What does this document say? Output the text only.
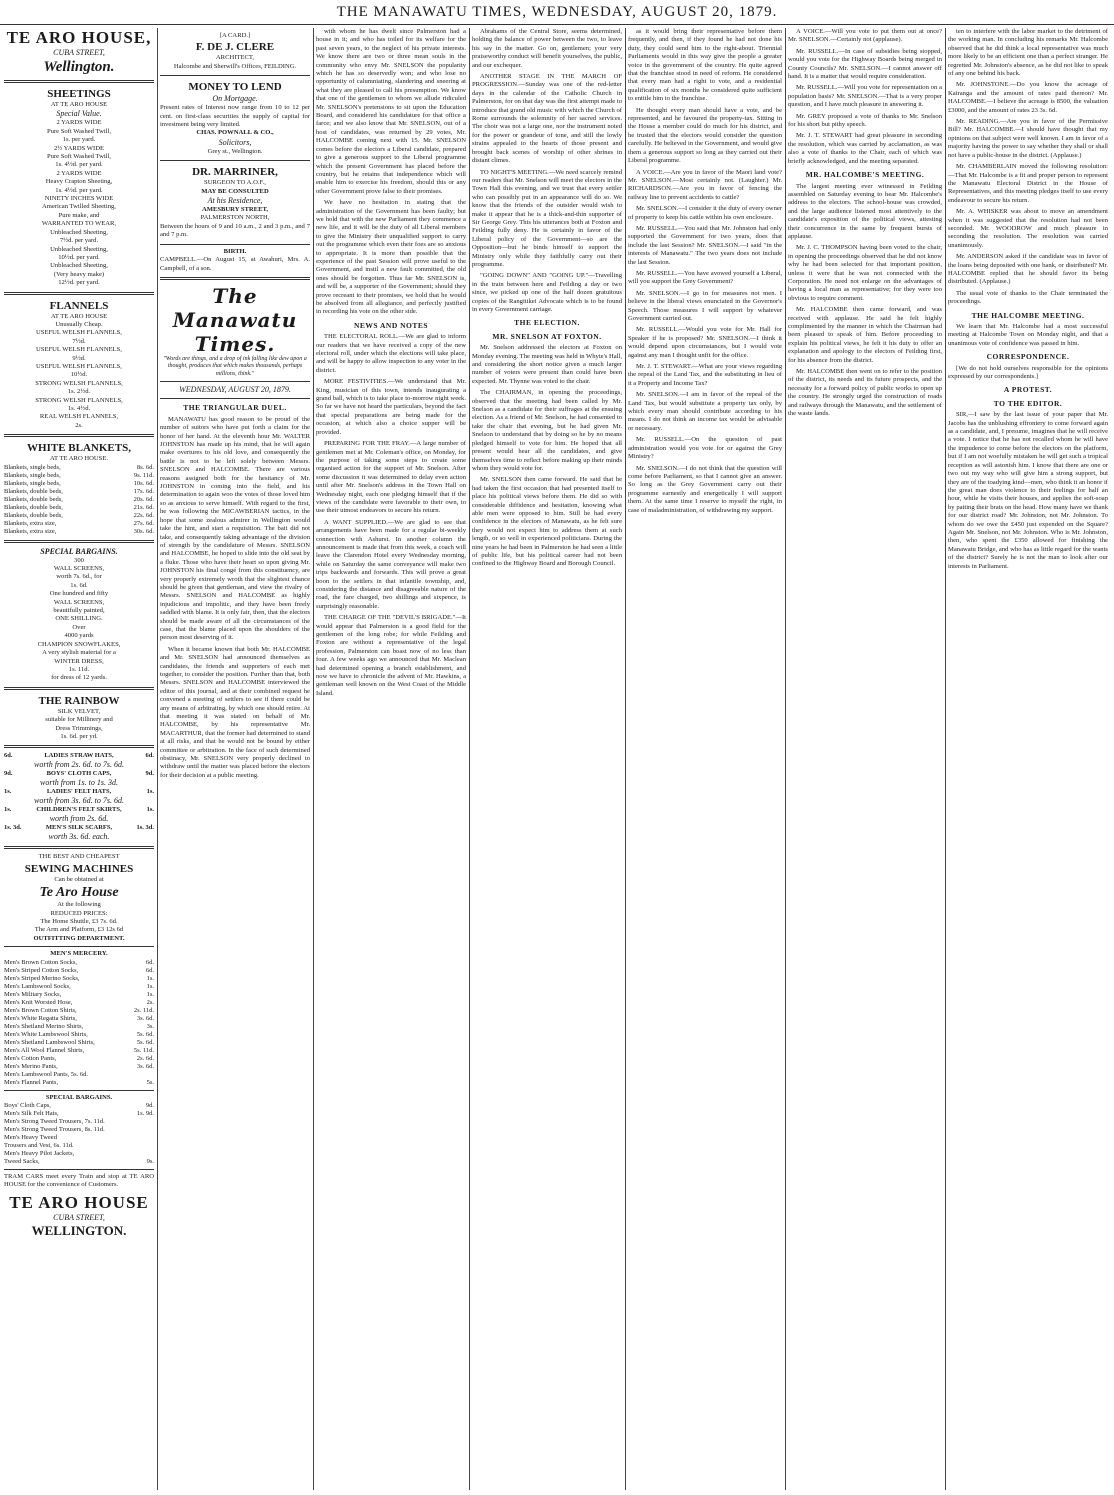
THE MANAWATU TIMES, WEDNESDAY, AUGUST 20, 1879.
TE ARO HOUSE,
CUBA STREET,
Wellington.
SHEETINGS
AT TE ARO HOUSE
Special Value.
2 YARDS WIDE
Pure Soft Washed Twill,
1s. per yard.
2½ YARDS WIDE
Pure Soft Washed Twill,
1s. 4½d. per yard.
2 YARDS WIDE
Heavy Crapton Sheeting,
1s. 4½d. per yard.
NINETY INCHES WIDE
American Twilled Sheeting,
Pure make, and
WARRANTED TO WEAR,
Unbleached Sheeting,
7½d. per yard.
Unbleached Sheeting,
10½d. per yard.
Unbleached Sheeting,
(Very heavy make)
12½d. per yard.
FLANNELS
AT TE ARO HOUSE
Unusually Cheap.
USEFUL WELSH FLANNELS,
7½d.
USEFUL WELSH FLANNELS,
9½d.
USEFUL WELSH FLANNELS,
10½d.
STRONG WELSH FLANNELS,
1s. 2½d.
STRONG WELSH FLANNELS,
1s. 4½d.
REAL WELSH FLANNELS,
2s.
WHITE BLANKETS,
AT TE ARO HOUSE.
Blankets, single beds,	8s. 6d.
Blankets, single beds,	9s. 11d.
Blankets, single beds,	10s. 6d.
Blankets, double beds,	17s. 6d.
Blankets, double beds,	20s. 6d.
Blankets, double beds,	21s. 6d.
Blankets, double beds,	22s. 6d.
Blankets, extra size,	27s. 6d.
Blankets, extra size,	30s. 6d.
SPECIAL BARGAINS.
300
WALL SCREENS,
worth 7s. 6d., for
1s. 6d.
One hundred and fifty
WALL SCREENS,
beautifully painted,
ONE SHILLING.
Over
4000 yards
CHAMPION SNOWFLAKES,
A very stylish material for a
WINTER DRESS,
1s. 11d.
for dress of 12 yards.
THE RAINBOW
SILK VELVET,
suitable for Millinery and
Dress Trimmings,
1s. 6d. per yd.
6d.	LADIES STRAW HATS,	6d.
worth from 2s. 6d. to 7s. 6d.
9d.	BOYS' CLOTH CAPS,	9d.
worth from 1s. to 1s. 3d.
1s.	LADIES' FELT HATS,	1s.
worth from 3s. 6d. to 7s. 6d.
1s.	CHILDREN'S FELT SKIRTS,	1s.
worth from 2s. 6d.
1s. 3d.	MEN'S SILK SCARFS,	1s. 3d.
worth 3s. 6d. each.
THE BEST AND CHEAPEST
SEWING MACHINES
Can be obtained at
Te Aro House
At the following
REDUCED PRICES:
The Home Shuttle, £3 7s. 6d.
The Arm and Platform, £3 12s 6d
OUTFITTING DEPARTMENT.
MEN'S MERCERY.
Men's Brown Cotton Socks,	6d.
Men's Striped Cotton Socks,	6d.
Men's Striped Merino Socks,	1s.
Men's Lambswool Socks,	1s.
Men's Military Socks,	1s.
Men's Knit Worsted Hose,	2s.
Men's Brown Cotton Shirts,	2s. 11d.
Men's White Regatta Shirts,	3s. 6d.
Men's Shetland Merino Shirts,	3s.
Men's White Lambswool Shirts,	5s. 6d.
Men's Shetland Lambswool Shirts,	5s. 6d.
Men's All Wool Flannel Shirts,	5s. 11d.
Men's Cotton Pants,	2s. 6d.
Men's Merino Pants,	3s. 6d.
Men's Lambswool Pants, 5s. 6d.
Men's Flannel Pants,	5s.
SPECIAL BARGAINS.
Boys' Cloth Caps,	9d.
Men's Silk Felt Hats,	1s. 9d.
Men's Strong Tweed Trousers, 7s. 11d.
Men's Strong Tweed Trousers, 8s. 11d.
Men's Heavy Tweed
Trousers and Vest, 6s. 11d.
Men's Heavy Pilot Jackets,
Tweed Sacks,	9s.
TRAM CARS meet every Train and stop at TE ARO HOUSE for the convenience of Customers.
TE ARO HOUSE
CUBA STREET,
WELLINGTON.
[A CARD.]
F. DE J. CLERE
ARCHITECT,
Halcombe and Sherwill's Offices, FEILDING.
MONEY TO LEND
On Mortgage.
Present rates of Interest now range from 10 to 12 per cent. on first-class securities the supply of capital for investment being very limited.
CHAS. POWNALL & CO.,
Solicitors,
Grey st., Wellington.
DR. MARRINER,
SURGEON TO A.O.F.,
MAY BE CONSULTED
At his Residence,
AMESBURY STREET,
PALMERSTON NORTH,
Between the hours of 9 and 10 a.m., 2 and 3 p.m., and 7 and 7 p.m.
BIRTH.
CAMPBELL.—On August 15, at Awahuri, Mrs. A. Campbell, of a son.
The Manawatu Times.
"Words are things, and a drop of ink falling like dew upon a thought, produces that which makes thousands, perhaps millions, think."
WEDNESDAY, AUGUST 20, 1879.
THE TRIANGULAR DUEL.

MANAWATU has good reason to be proud of the number of suitors who have put forth a claim for the honor of her hand. At the eleventh hour Mr. WALTER JOHNSTON has made up his mind, that he will again make overtures to his old love, and consequently the battle is not to be left solely between Messrs. SNELSON and HALCOMBE. There are various reasons assigned both for the hesitancy of Mr. JOHNSTON in coming into the field, and his determination to again woo the votes of those loved him so as anxious to serve himself. With regard to the first, he was following the MICAWBERIAN tactics, in the hope that some zealous admirer in Wellington would take the hint, and start a requisition. The bait did not take, and consequently taking advantage of the division of strength by the candidature of Messrs. SNELSON and HALCOMBE, he hoped to slide into the old seat by a fluke. Those who have their heart so upon giving Mr. JOHNSTON his final congé from this constituency, are very properly extremely wroth that the slightest chance should be given that gentleman, and view the rivalry of Messrs. SNELSON and HALCOMBE as highly injudicious and impolitic, and they have been freely saddled with blame. It is only fair, then, that the electors should be made aware of all the circumstances of the case, that the blame placed upon the shoulders of the person most deserving of it.

When it became known that both Mr. HALCOMBE and Mr. SNELSON had announced themselves as candidates, the friends and supporters of each met together, to consider the position. Further than that, both Messrs. SNELSON and HALCOMBE interviewed the editor of this journal, and at their combined request he convened a meeting of settlers to see if there could be any means of arbitrating, by which one should retire. At that meeting it was stated on behalf of Mr. HALCOMBE, by his representative Mr. MACARTHUR, that the former had determined to stand at all risks, and that he would not be bound by either committee or arbitration. In the face of such determined obstinacy, Mr. SNELSON very properly declined to withdraw until the matter was placed before the electors for their decision at a public meeting.

with whom he has dwelt since Palmerston had a house in it; and who has toiled for its welfare for the past seven years, to the neglect of his private interests. We know there are two or three mean souls in the community who envy Mr. SNELSON the popularity which he has so deservedly won; and who lose no opportunity of calumniating, slandering and sneering at what they are pleased to call his presumption. We know that one of the gentlemen to whom we allude ridiculed Mr. SNELSON's pretensions to sit upon the Education Board, and considered his candidature for that office a farce; and we also know that Mr. SNELSON, out of a host of candidates, was returned by 29 votes, Mr. HALCOMBE coming next with 15. Mr. SNELSON comes before the electors a Liberal candidate, prepared to give a generous support to the Liberal programme which the present Government has placed before the country, but he retains that independence which will enable him to exercise his freedom, should this or any other Government prove false to their promises.

We have no hesitation in stating that the administration of the Government has been faulty; but we hold that with the new Parliament they commence a new life, and it will be the duty of all Liberal members to give the Ministry their unqualified support to carry out the programme which even their foes are so anxious to appropriate. It is more than possible that the experience of the past Session will prove useful to the Government, and instil a new fault committed, the old ones should be forgotten. Thus far Mr. SNELSON is, and will be, a supporter of the Government; should they prove recreant to their promises, we hold that he would be absolved from all allegiance, and perfectly justified in recording his vote on the other side.

NEWS AND NOTES

THE ELECTORAL ROLL.—We are glad to inform our readers that we have received a copy of the new electoral roll, under which the elections will take place, and will be happy to allow inspection to any voter in the district.

MORE FESTIVITIES.—We understand that Mr. King, musician of this town, intends inaugurating a grand ball, which is to take place to-morrow night week. So far we have not heard the particulars, beyond the fact that special preparations are being made for the occasion, at which also a choice supper will be provided.

PREPARING FOR THE FRAY.—A large number of gentlemen met at Mr. Coleman's office, on Monday, for the purpose of taking some steps to create some organised action for the support of Mr. Snelson. After some discussion it was determined to delay even action until after Mr. Snelson's address in the Town Hall on Wednesday night, each one pledging himself that if the views of the candidate were favorable to their own, to use their utmost endeavors to secure his return.

A WANT SUPPLIED.—We are glad to see that arrangements have been made for a regular bi-weekly connection with Ashurst. In another column the announcement is made that from this week, a coach will leave the Clarendon Hotel every Wednesday morning, while on Saturday the same conveyance will make two trips backwards and forwards. This will prove a great boon to the settlers in that infantile township, and, considering the distance and disagreeable nature of the road, the fare charged, two shillings and sixpence, is surprisingly reasonable.

THE CHARGE OF THE "DEVIL'S BRIGADE."—It would appear that Palmerston is a good field for the gentlemen of the long robe; for while Feilding and Foxton are without a representative of the legal profession, Palmerston can boast now of no less than four. A few weeks ago we announced that Mr. Maclean had determined opening a branch establishment, and now we have to chronicle the advent of Mr. Hawkins, a gentleman well known on the West Coast of the Middle Island.

Abrahams of the Central Store, seems determined, holding the balance of power between the two, to leave his say in the matter. Go on, gentlemen; your very praiseworthy conduct will benefit yourselves, the public, and our exchequer.

ANOTHER STAGE IN THE MARCH OF PROGRESSION.—Sunday was one of the red-letter days in the calendar of the Catholic Church in Palmerston, for on that day was the first attempt made to introduce that grand old music with which the Church of Rome surrounds the solemnity of her sacred services. The choir was not a large one, nor the instrument noted for the power or grandeur of tone, and still the lowly strains appealed to the hearts of those present and brought back scenes of worship of other shrines in distant climes.

TO NIGHT'S MEETING.—We need scarcely remind our readers that Mr. Snelson will meet the electors in the Town Hall this evening, and we trust that every settler who can possibly put in an appearance will do so. We know that the friends of the outsider would wish to make it appear that he is a thick-and-thin supporter of Sir George Grey. This his utterances both at Foxton and Feilding fully deny. He is certainly in favor of the Liberal policy of the Government—so are the Opposition—but he binds himself to support the Ministry only while they faithfully carry out their programme.

"GOING DOWN" AND "GOING UP."—Travelling in the train between here and Feilding a day or two since, we picked up one of the half dozen gratuitous copies of the Rangitikei Advocate which is to be found in every Government carriage.

THE ELECTION.
MR. SNELSON AT FOXTON.

Mr. Snelson addressed the electors at Foxton on Monday evening. The meeting was held in Whyte's Hall, and considering the short notice given a much larger number of voters were present than could have been expected. Mr. Thynne was voted to the chair.

The CHAIRMAN, in opening the proceedings, observed that the meeting had been called by Mr. Snelson as a candidate for their suffrages at the ensuing election. As a friend of Mr. Snelson, he had consented to take the chair that evening, but he had given Mr. Snelson to understand that by doing so he by no means pledged himself to vote for him. He hoped that all present would hear all the candidates, and give themselves time to reflect before making up their minds whom they would vote for.

Mr. SNELSON then came forward. He said that he had taken the first occasion that had presented itself to place his political views before them. He did so with considerable diffidence and hesitation, knowing what able men were opposed to him. Still he had every confidence in the electors of Manawatu, as he felt sure they would not expect him to address them at such length, or so well in experienced politicians. During the nine years he had been in Palmerston he had seen a little of public life, but his political career had not been confined to the Highway Board and Borough Council.

as it would bring their representative before them frequently, and then, if they found he had not done his duty, they could send him to the right-about. Triennial Parliaments would in this way give the people a greater voice in the government of the country. He quite agreed that the franchise stood in need of reform. He considered that every man had a right to vote, and a residential qualification of six months he considered quite sufficient to entitle him to the franchise.

He thought every man should have a vote, and be represented, and he favoured the property-tax. Sitting in the House a member could do much for his district, and he trusted that the electors would consider the question carefully. He believed in the Government, and would give them a generous support so long as they carried out their Liberal programme.

A VOICE.—Are you in favor of the Maori land vote? Mr. SNELSON.—Most certainly not. (Laughter.) Mr. RICHARDSON.—Are you in favor of fencing the railway line to prevent accidents to cattle?

Mr. SNELSON.—I consider it the duty of every owner of property to keep his cattle within his own enclosure.

Mr. RUSSELL.—You said that Mr. Johnston had only supported the Government for two years, does that include the last Session? Mr. SNELSON.—I said "in the interests of Manawatu." The two years does not include the last Session.

Mr. RUSSELL.—You have avowed yourself a Liberal, will you support the Grey Government?

Mr. SNELSON.—I go in for measures not men. I believe in the liberal views enunciated in the Governor's Speech. Those measures I will support by whatever Government carried out.

Mr. RUSSELL.—Would you vote for Mr. Hall for Speaker if he is proposed? Mr. SNELSON.—I think it would depend upon circumstances, but I would vote against any man I thought unfit for the office.

Mr. J. T. STEWART.—What are your views regarding the repeal of the Land Tax, and the substituting in lieu of it a Property and Income Tax?

Mr. SNELSON.—I am in favor of the repeal of the Land Tax, but would substitute a property tax only, by which every man should contribute according to his means. I do not think an income tax would be advisable or necessary.

Mr. RUSSELL.—On the question of past administration would you vote for or against the Grey Ministry?

Mr. SNELSON.—I do not think that the question will come before Parliament, so that I cannot give an answer. So long as the Grey Government carry out their programme earnestly and energetically I will support them. At the same time I reserve to myself the right, in case of maladministration, of withdrawing my support.

A VOICE.—Will you vote to put them out at once? Mr. SNELSON.—Certainly not (applause).

Mr. RUSSELL.—In case of subsidies being stopped, would you vote for the Highway Boards being merged in County Councils? Mr. SNELSON.—I cannot answer off hand. It is a matter that would require consideration.

Mr. RUSSELL.—Will you vote for representation on a population basis? Mr. SNELSON.—That is a very proper question, and I have much pleasure in answering it.

Mr. GREY proposed a vote of thanks to Mr. Snelson for his short but pithy speech.

Mr. J. T. STEWART had great pleasure in seconding the resolution, which was carried by acclamation, as was also a vote of thanks to the Chair, each of which was briefly acknowledged, and the meeting separated.

MR. HALCOMBE'S MEETING.

The largest meeting ever witnessed in Feilding assembled on Saturday evening to hear Mr. Halcombe's address to the electors. The school-house was crowded, and the large audience listened most attentively to the candidate's exposition of the political views, attesting their concurrence in the same by frequent bursts of applause.

Mr. J. C. THOMPSON having been voted to the chair, in opening the proceedings observed that he did not know why he had been selected for that important position, unless it were that he was not connected with the Corporation. He need not enlarge on the advantages of having a local man as representative; for they were too obvious to require comment.

Mr. HALCOMBE then came forward, and was received with applause. He said he felt highly complimented by the manner in which the Chairman had been pleased to speak of him. Before proceeding to explain his political views, he felt it his duty to offer an explanation and apology to the electors of Feilding first, for his absence from the district.

Mr. HALCOMBE then went on to refer to the position of the district, its needs and its future prospects, and the necessity for a forward policy of public works to open up the country. He strongly urged the construction of roads and railways through the Manawatu, and the settlement of the waste lands.

ten to interfere with the labor market to the detriment of the working man. In concluding his remarks Mr. Halcombe observed that he did think a local representative was much more likely to be an efficient one than a perfect stranger. He regretted Mr. Johnston's absence, as he did not like to speak of any one behind his back.

Mr. JOHNSTONE.—Do you know the acreage of Kairanga and the amount of rates paid thereon? Mr. HALCOMBE.—I believe the acreage is 8500, the valuation £3000, and the amount of rates 23 3s. 6d.

Mr. READING.—Are you in favor of the Permissive Bill? Mr. HALCOMBE.—I should have thought that my opinions on that subject were well known. I am in favor of a majority having the power to say whether they shall or shall not have a public-house in the district. (Applause.)

Mr. CHAMBERLAIN moved the following resolution:—That Mr. Halcombe is a fit and proper person to represent the Manawatu Electoral District in the House of Representatives, and this meeting pledges itself to use every endeavour to secure his return.

Mr. A. WHISKER was about to move an amendment when it was suggested that the resolution had not been seconded. Mr. WOODROW and much pleasure in seconding the resolution. The resolution was carried unanimously.

Mr. ANDERSON asked if the candidate was in favor of the loans being deposited with one bank, or distributed? Mr. HALCOMBE replied that he should favor its being distributed. (Applause.)

The usual vote of thanks to the Chair terminated the proceedings.

THE HALCOMBE MEETING.

We learn that Mr. Halcombe had a most successful meeting at Halcombe Town on Monday night, and that a unanimous vote of confidence was passed in him.

CORRESPONDENCE.

[We do not hold ourselves responsible for the opinions expressed by our correspondents.]

A PROTEST.
TO THE EDITOR.

SIR,—I saw by the last issue of your paper that Mr. Jacobs has the unblushing effrontery to come forward again as a candidate, and, I presume, imagines that he will receive a vote. I notice that he has not recalled whom he will have the impudence to come before the electors on the platform, but if I am not woefully mistaken he will get such a tropical reception as will astonish him. I know that there are one or two out my way who will give him a strong support, but they are of the toadying kind—men, who think it an honor if the great man does violence to their feelings for half an hour, while he visits their houses, and applies the soft-soap by patting their brats on the head. How many have we thank for our district road? Mr. Johnston, not Mr. Johnston. To whom do we owe the £450 just expended on the Square? Again Mr. Snelson, not Mr. Johnston. Who is Mr. Johnston, then, who spent the £350 allowed for finishing the Manawatu Bridge, and who has as little regard for the wants of the district? Surely he is not the man to look after our interests in Parliament.
